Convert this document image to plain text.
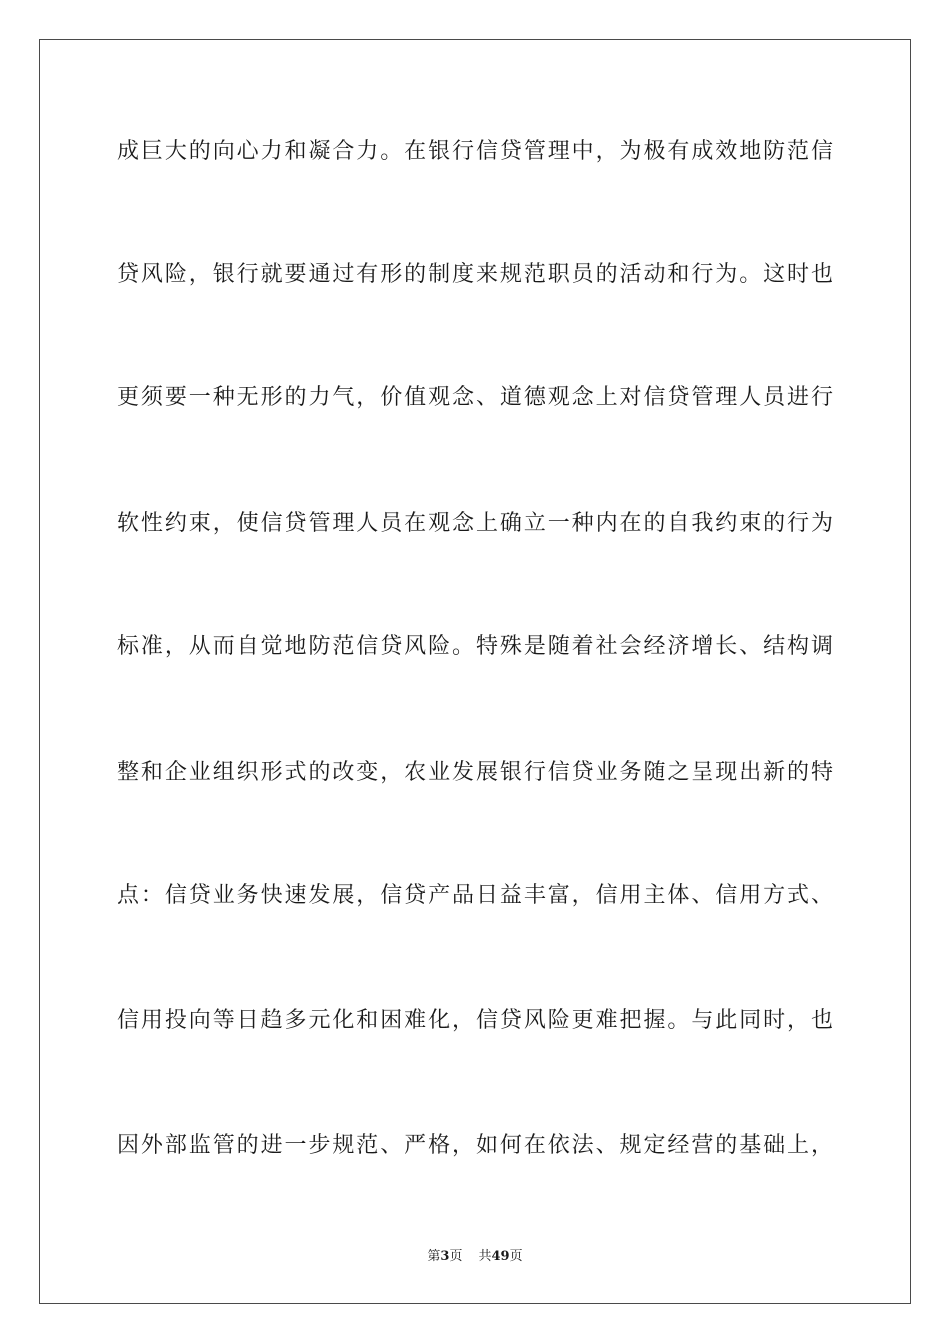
成巨大的向心力和凝合力。在银行信贷管理中，为极有成效地防范信
贷风险，银行就要通过有形的制度来规范职员的活动和行为。这时也
更须要一种无形的力气，价值观念、道德观念上对信贷管理人员进行
软性约束，使信贷管理人员在观念上确立一种内在的自我约束的行为
标准，从而自觉地防范信贷风险。特殊是随着社会经济增长、结构调
整和企业组织形式的改变，农业发展银行信贷业务随之呈现出新的特
点：信贷业务快速发展，信贷产品日益丰富，信用主体、信用方式、
信用投向等日趋多元化和困难化，信贷风险更难把握。与此同时，也
因外部监管的进一步规范、严格，如何在依法、规定经营的基础上，
第3页 共49页
